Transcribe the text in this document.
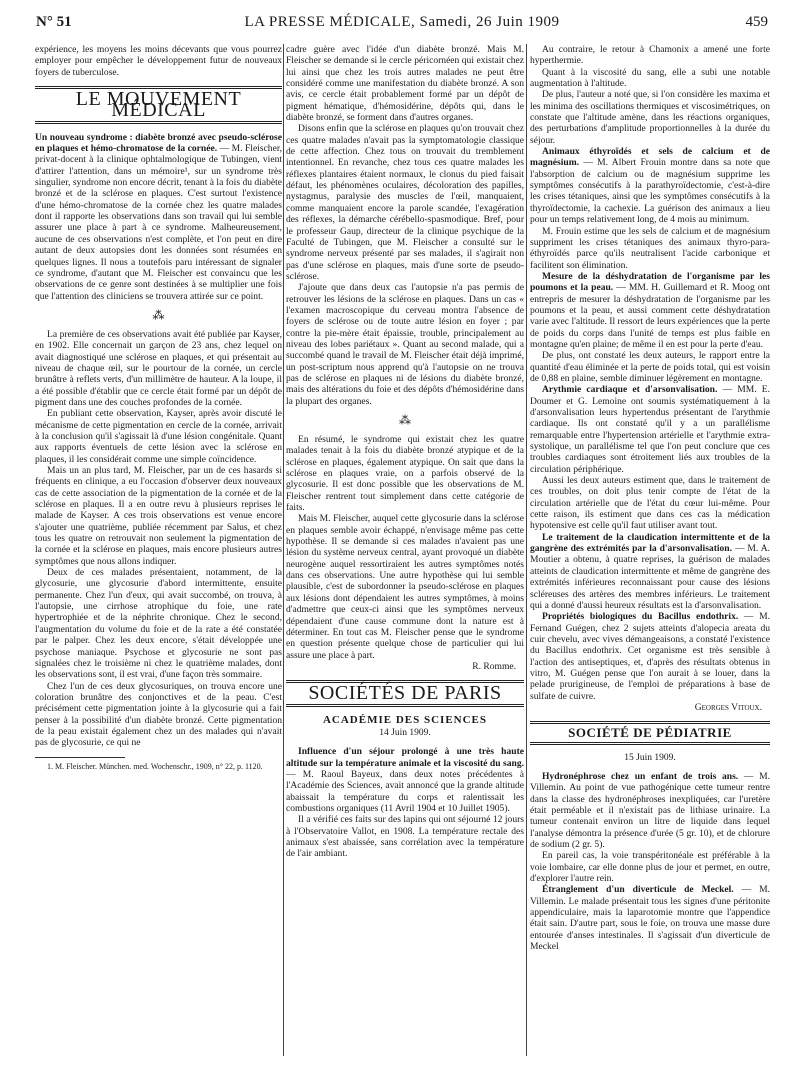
N° 51	LA PRESSE MÉDICALE, Samedi, 26 Juin 1909	459

expérience, les moyens les moins décevants que vous pourrez employer pour empêcher le développement futur de nouveaux foyers de tuberculose.

LE MOUVEMENT MÉDICAL

Un nouveau syndrome : diabète bronzé avec pseudo-sclérose en plaques et hémo-chromatose de la cornée. — M. Fleischer, privat-docent à la clinique ophtalmologique de Tubingen, vient d'attirer l'attention, dans un mémoire¹, sur un syndrome très singulier, syndrome non encore décrit, tenant à la fois du diabète bronzé et de la sclérose en plaques. C'est surtout l'existence d'une hémo-chromatose de la cornée chez les quatre malades dont il rapporte les observations dans son travail qui lui semble assurer une place à part à ce syndrome. Malheureusement, aucune de ces observations n'est complète, et l'on peut en dire autant de deux autopsies dont les données sont résumées en quelques lignes. Il nous a toutefois paru intéressant de signaler ce syndrome, d'autant que M. Fleischer est convaincu que les observations de ce genre sont destinées à se multiplier une fois que l'attention des cliniciens se trouvera attirée sur ce point.

⁂

La première de ces observations avait été publiée par Kayser, en 1902. Elle concernait un garçon de 23 ans, chez lequel on avait diagnostiqué une sclérose en plaques, et qui présentait au niveau de chaque œil, sur le pourtour de la cornée, un cercle brunâtre à reflets verts, d'un millimètre de hauteur. A la loupe, il a été possible d'établir que ce cercle était formé par un dépôt de pigment dans une des couches profondes de la cornée.

En publiant cette observation, Kayser, après avoir discuté le mécanisme de cette pigmentation en cercle de la cornée, arrivait à la conclusion qu'il s'agissait là d'une lésion congénitale. Quant aux rapports éventuels de cette lésion avec la sclérose en plaques, il les considérait comme une simple coïncidence.

Mais un an plus tard, M. Fleischer, par un de ces hasards si fréquents en clinique, a eu l'occasion d'observer deux nouveaux cas de cette association de la pigmentation de la cornée et de la sclérose en plaques. Il a en outre revu à plusieurs reprises le malade de Kayser. A ces trois observations est venue encore s'ajouter une quatrième, publiée récemment par Salus, et chez tous les quatre on retrouvait non seulement la pigmentation de la cornée et la sclérose en plaques, mais encore plusieurs autres symptômes que nous allons indiquer.

Deux de ces malades présentaient, notamment, de la glycosurie, une glycosurie d'abord intermittente, ensuite permanente. Chez l'un d'eux, qui avait succombé, on trouva, à l'autopsie, une cirrhose atrophique du foie, une rate hypertrophiée et de la néphrite chronique. Chez le second, l'augmentation du volume du foie et de la rate a été constatée par le palper. Chez les deux encore, s'était développée une psychose maniaque. Psychose et glycosurie ne sont pas signalées chez le troisième ni chez le quatrième malades, dont les observations sont, il est vrai, d'une façon très sommaire.

Chez l'un de ces deux glycosuriques, on trouva encore une coloration brunâtre des conjonctives et de la peau. C'est précisément cette pigmentation jointe à la glycosurie qui a fait penser à la possibilité d'un diabète bronzé. Cette pigmentation de la peau existait également chez un des malades qui n'avait pas de glycosurie, ce qui ne

1. M. Fleischer. München. med. Wochenschr., 1909, n° 22, p. 1120.

cadre guère avec l'idée d'un diabète bronzé. Mais M. Fleischer se demande si le cercle péricornéen qui existait chez lui ainsi que chez les trois autres malades ne peut être considéré comme une manifestation du diabète bronzé. A son avis, ce cercle était probablement formé par un dépôt de pigment hématique, d'hémosidérine, dépôts qui, dans le diabète bronzé, se forment dans d'autres organes.

Disons enfin que la sclérose en plaques qu'on trouvait chez ces quatre malades n'avait pas la symptomatologie classique de cette affection. Chez tous on trouvait du tremblement intentionnel. En revanche, chez tous ces quatre malades les réflexes plantaires étaient normaux, le clonus du pied faisait défaut, les phénomènes oculaires, décoloration des papilles, nystagmus, paralysie des muscles de l'œil, manquaient, comme manquaient encore la parole scandée, l'exagération des réflexes, la démarche cérébello-spasmodique. Bref, pour le professeur Gaup, directeur de la clinique psychique de la Faculté de Tubingen, que M. Fleischer a consulté sur le syndrome nerveux présenté par ses malades, il s'agirait non pas d'une sclérose en plaques, mais d'une sorte de pseudo-sclérose.

J'ajoute que dans deux cas l'autopsie n'a pas permis de retrouver les lésions de la sclérose en plaques. Dans un cas « l'examen macroscopique du cerveau montra l'absence de foyers de sclérose ou de toute autre lésion en foyer ; par contre la pie-mère était épaissie, trouble, principalement au niveau des lobes pariétaux ». Quant au second malade, qui a succombé quand le travail de M. Fleischer était déjà imprimé, un post-scriptum nous apprend qu'à l'autopsie on ne trouva pas de sclérose en plaques ni de lésions du diabète bronzé, mais des altérations du foie et des dépôts d'hémosidérine dans la plupart des organes.

⁂

En résumé, le syndrome qui existait chez les quatre malades tenait à la fois du diabète bronzé atypique et de la sclérose en plaques, également atypique. On sait que dans la sclérose en plaques vraie, on a parfois observé de la glycosurie. Il est donc possible que les observations de M. Fleischer rentrent tout simplement dans cette catégorie de faits.

Mais M. Fleischer, auquel cette glycosurie dans la sclérose en plaques semble avoir échappé, n'envisage même pas cette hypothèse. Il se demande si ces malades n'avaient pas une lésion du système nerveux central, ayant provoqué un diabète neurogène auquel ressortiraient les autres symptômes notés dans ces observations. Une autre hypothèse qui lui semble plausible, c'est de subordonner la pseudo-sclérose en plaques aux lésions dont dépendaient les autres symptômes, à moins d'admettre que ceux-ci ainsi que les symptômes nerveux dépendaient d'une cause commune dont la nature est à déterminer. En tout cas M. Fleischer pense que le syndrome en question présente quelque chose de particulier qui lui assure une place à part.

R. Romme.

SOCIÉTÉS DE PARIS
ACADÉMIE DES SCIENCES
14 Juin 1909.

Influence d'un séjour prolongé à une très haute altitude sur la température animale et la viscosité du sang. — M. Raoul Bayeux, dans deux notes précédentes à l'Académie des Sciences, avait annoncé que la grande altitude abaissait la température du corps et ralentissait les combustions organiques (11 Avril 1904 et 10 Juillet 1905).

Il a vérifié ces faits sur des lapins qui ont séjourné 12 jours à l'Observatoire Vallot, en 1908. La température rectale des animaux s'est abaissée, sans corrélation avec la température de l'air ambiant.

Au contraire, le retour à Chamonix a amené une forte hyperthermie.

Quant à la viscosité du sang, elle a subi une notable augmentation à l'altitude.

De plus, l'auteur a noté que, si l'on considère les maxima et les minima des oscillations thermiques et viscosimétriques, on constate que l'altitude amène, dans les réactions organiques, des perturbations d'amplitude proportionnelles à la durée du séjour.

Animaux éthyroïdés et sels de calcium et de magnésium. — M. Albert Frouin montre dans sa note que l'absorption de calcium ou de magnésium supprime les symptômes consécutifs à la parathyroïdectomie, c'est-à-dire les crises tétaniques, ainsi que les symptômes consécutifs à la thyroïdectomie, la cachexie. La guérison des animaux a lieu pour un temps relativement long, de 4 mois au minimum.

M. Frouin estime que les sels de calcium et de magnésium suppriment les crises tétaniques des animaux thyro-para-éthyroïdés parce qu'ils neutralisent l'acide carbonique et facilitent son élimination.

Mesure de la déshydratation de l'organisme par les poumons et la peau. — MM. H. Guillemard et R. Moog ont entrepris de mesurer la déshydratation de l'organisme par les poumons et la peau, et aussi comment cette déshydratation varie avec l'altitude. Il ressort de leurs expériences que la perte de poids du corps dans l'unité de temps est plus faible en montagne qu'en plaine; de même il en est pour la perte d'eau.

De plus, ont constaté les deux auteurs, le rapport entre la quantité d'eau éliminée et la perte de poids total, qui est voisin de 0,88 en plaine, semble diminuer légèrement en montagne.

Arythmie cardiaque et d'arsonvalisation. — MM. E. Doumer et G. Lemoine ont soumis systématiquement à la d'arsonvalisation leurs hypertendus présentant de l'arythmie cardiaque. Ils ont constaté qu'il y a un parallélisme remarquable entre l'hypertension artérielle et l'arythmie extra-systolique, un parallélisme tel que l'on peut conclure que ces troubles cardiaques sont étroitement liés aux troubles de la circulation périphérique.

Aussi les deux auteurs estiment que, dans le traitement de ces troubles, on doit plus tenir compte de l'état de la circulation artérielle que de l'état du cœur lui-même. Pour cette raison, ils estiment que dans ces cas la médication hypotensive est celle qu'il faut utiliser avant tout.

Le traitement de la claudication intermittente et de la gangrène des extrémités par la d'arsonvalisation. — M. A. Moutier a obtenu, à quatre reprises, la guérison de malades atteints de claudication intermittente et même de gangrène des extrémités inférieures reconnaissant pour cause des lésions scléreuses des artères des membres inférieurs. Le traitement qui a donné d'aussi heureux résultats est la d'arsonvalisation.

Propriétés biologiques du Bacillus endothrix. — M. Fernand Guégen, chez 2 sujets atteints d'alopecia areata du cuir chevelu, avec vives démangeaisons, a constaté l'existence du Bacillus endothrix. Cet organisme est très sensible à l'action des antiseptiques, et, d'après des résultats obtenus in vitro, M. Guégen pense que l'on aurait à se louer, dans la pelade prurigineuse, de l'emploi de préparations à base de sulfate de cuivre.

Georges Vitoux.

SOCIÉTÉ DE PÉDIATRIE
15 Juin 1909.

Hydronéphrose chez un enfant de trois ans. — M. Villemin. Au point de vue pathogénique cette tumeur rentre dans la classe des hydronéphroses inexpliquées, car l'uretère était perméable et il n'existait pas de lithiase urinaire. La tumeur contenait environ un litre de liquide dans lequel l'analyse démontra la présence d'urée (5 gr. 10), et de chlorure de sodium (2 gr. 5).

En pareil cas, la voie transpéritonéale est préférable à la voie lombaire, car elle donne plus de jour et permet, en outre, d'explorer l'autre rein.

Étranglement d'un diverticule de Meckel. — M. Villemin. Le malade présentait tous les signes d'une péritonite appendiculaire, mais la laparotomie montre que l'appendice était sain. D'autre part, sous le foie, on trouva une masse dure entourée d'anses intestinales. Il s'agissait d'un diverticule de Meckel
